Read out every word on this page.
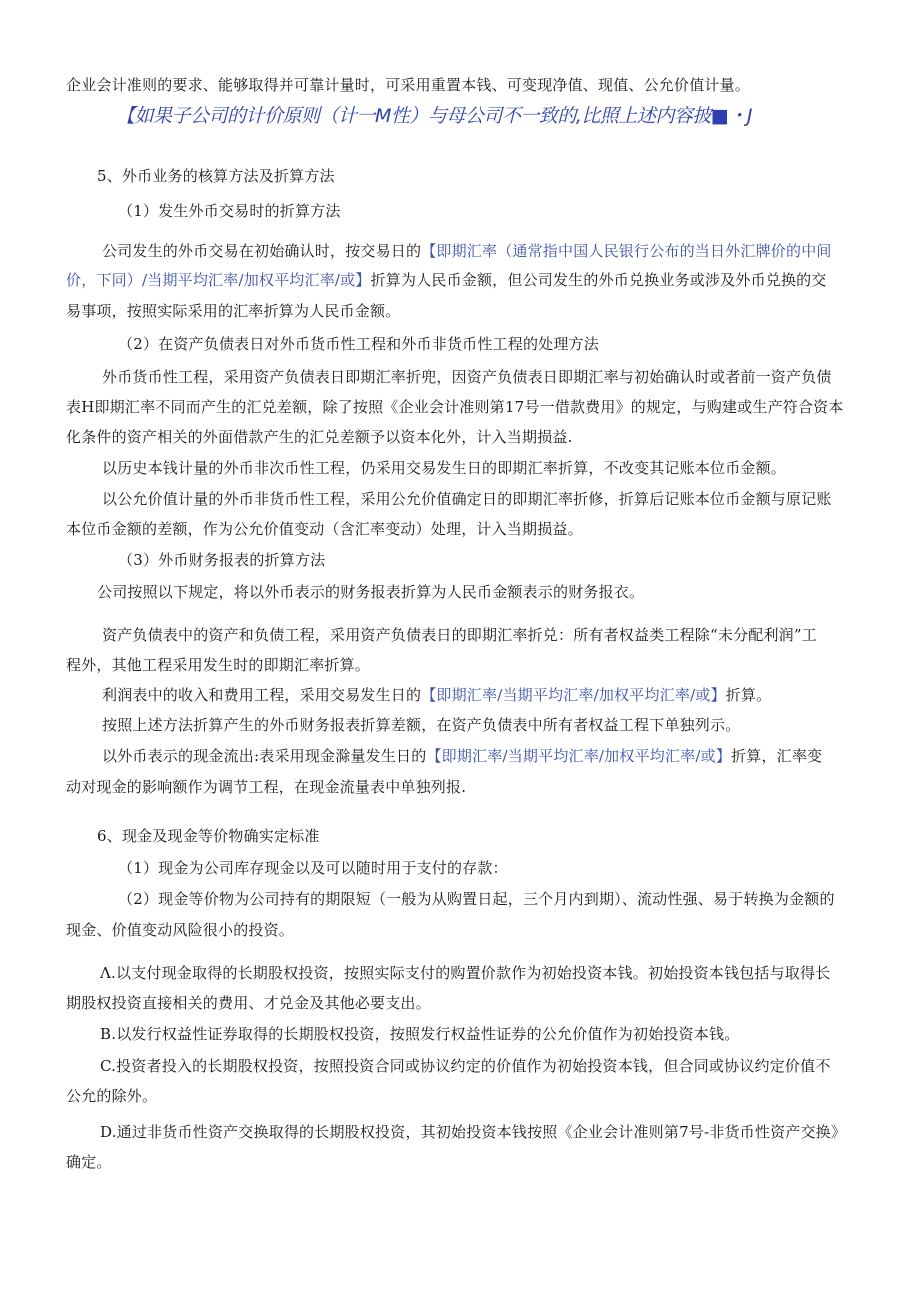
企业会计准则的要求、能够取得并可靠计量时，可采用重置本钱、可变现净值、现值、公允价值计量。
【如果子公司的计价原则（计一M性）与母公司不一致的,比照上述内容披■・J
5、外币业务的核算方法及折算方法
（1）发生外币交易时的折算方法
公司发生的外币交易在初始确认时，按交易日的【即期汇率（通常指中国人民银行公布的当日外汇牌价的中间
价，下同）/当期平均汇率/加权平均汇率/或】折算为人民币金额，但公司发生的外币兑换业务或涉及外币兑换的交
易事项，按照实际采用的汇率折算为人民币金额。
（2）在资产负债表日对外币货币性工程和外币非货币性工程的处理方法
外币货币性工程，采用资产负债表日即期汇率折兜，因资产负债表日即期汇率与初始确认时或者前一资产负债
表H即期汇率不同而产生的汇兑差额，除了按照《企业会计准则第17号一借款费用》的规定，与购建或生产符合资本
化条件的资产相关的外面借款产生的汇兑差额予以资本化外，计入当期损益.
以历史本钱计量的外币非次币性工程，仍采用交易发生日的即期汇率折算，不改变其记账本位币金额。
以公允价值计量的外币非货币性工程，采用公允价值确定日的即期汇率折修，折算后记账本位币金额与原记账
本位币金额的差额，作为公允价值变动（含汇率变动）处理，计入当期损益。
（3）外币财务报表的折算方法
公司按照以下规定，将以外币表示的财务报表折算为人民币金额表示的财务报衣。
资产负债表中的资产和负债工程，采用资产负债表日的即期汇率折兑：所有者权益类工程除“未分配利润”工
程外，其他工程采用发生时的即期汇率折算。
利润表中的收入和费用工程，采用交易发生日的【即期汇率/当期平均汇率/加权平均汇率/或】折算。
按照上述方法折算产生的外币财务报表折算差额，在资产负债表中所有者权益工程下单独列示。
以外币表示的现金流出:表采用现金滁量发生日的【即期汇率/当期平均汇率/加权平均汇率/或】折算，汇率变
动对现金的影响额作为调节工程，在现金流量表中单独列报.
6、现金及现金等价物确实定标准
（1）现金为公司库存现金以及可以随时用于支付的存款：
（2）现金等价物为公司持有的期限短（一般为从购置日起，三个月内到期）、流动性强、易于转换为金额的
现金、价值变动风险很小的投资。
Λ.以支付现金取得的长期股权投资，按照实际支付的购置价款作为初始投资本钱。初始投资本钱包括与取得长
期股权投资直接相关的费用、才兑金及其他必要支出。
B.以发行权益性证券取得的长期股权投资，按照发行权益性证券的公允价值作为初始投资本钱。
C.投资者投入的长期股权投资，按照投资合同或协议约定的价值作为初始投资本钱，但合同或协议约定价值不
公允的除外。
D.通过非货币性资产交换取得的长期股权投资，其初始投资本钱按照《企业会计准则第7号-非货币性资产交换》
确定。
